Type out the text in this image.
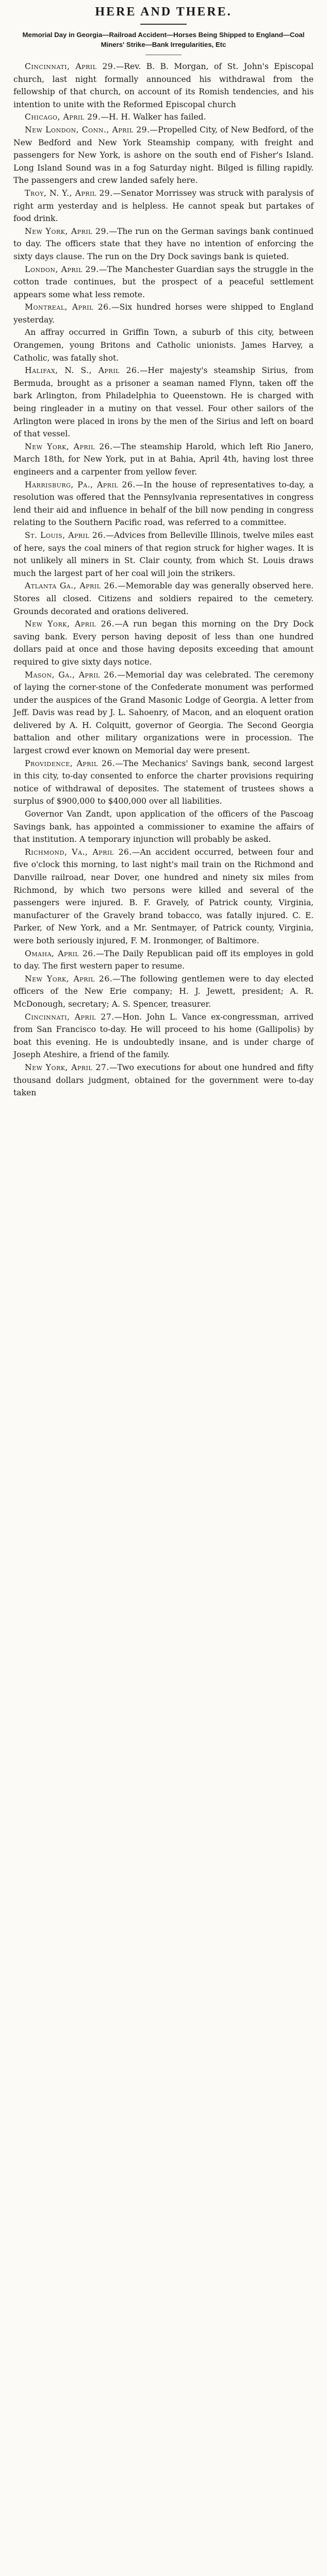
HERE AND THERE.
Memorial Day in Georgia—Railroad Accident—Horses Being Shipped to England—Coal Miners' Strike—Bank Irregularities, Etc

Cincinnati, April 29.—Rev. B. B. Morgan, of St. John's Episcopal church, last night formally announced his withdrawal from the fellowship of that church, on account of its Romish tendencies, and his intention to unite with the Reformed Episcopal church

Chicago, April 29.—H. H. Walker has failed.

New London, Conn., April 29.—Propelled City, of New Bedford, of the New Bedford and New York Steamship company, with freight and passengers for New York, is ashore on the south end of Fisher's Island. Long Island Sound was in a fog Saturday night. Bilged is filling rapidly. The passengers and crew landed safely here.

Troy, N. Y., April 29.—Senator Morrissey was struck with paralysis of right arm yesterday and is helpless. He cannot speak but partakes of food drink.

New York, April 29.—The run on the German savings bank continued to day. The officers state that they have no intention of enforcing the sixty days clause. The run on the Dry Dock savings bank is quieted.

London, April 29.—The Manchester Guardian says the struggle in the cotton trade continues, but the prospect of a peaceful settlement appears some what less remote.

Montreal, April 26.—Six hundred horses were shipped to England yesterday.

An affray occurred in Griffin Town, a suburb of this city, between Orangemen, young Britons and Catholic unionists. James Harvey, a Catholic, was fatally shot.

Halifax, N. S., April 26.—Her majesty's steamship Sirius, from Bermuda, brought as a prisoner a seaman named Flynn, taken off the bark Arlington, from Philadelphia to Queenstown. He is charged with being ringleader in a mutiny on that vessel. Four other sailors of the Arlington were placed in irons by the men of the Sirius and left on board of that vessel.

New York, April 26.—The steamship Harold, which left Rio Janero, March 18th, for New York, put in at Bahia, April 4th, having lost three engineers and a carpenter from yellow fever.

Harrisburg, Pa., April 26.—In the house of representatives to-day, a resolution was offered that the Pennsylvania representatives in congress lend their aid and influence in behalf of the bill now pending in congress relating to the Southern Pacific road, was referred to a committee.

St. Louis, April 26.—Advices from Belleville Illinois, twelve miles east of here, says the coal miners of that region struck for higher wages. It is not unlikely all miners in St. Clair county, from which St. Louis draws much the largest part of her coal will join the strikers.

Atlanta Ga., April 26.—Memorable day was generally observed here. Stores all closed. Citizens and soldiers repaired to the cemetery. Grounds decorated and orations delivered.

New York, April 26.—A run began this morning on the Dry Dock saving bank. Every person having deposit of less than one hundred dollars paid at once and those having deposits exceeding that amount required to give sixty days notice.

Mason, Ga., April 26.—Memorial day was celebrated. The ceremony of laying the corner-stone of the Confederate monument was performed under the auspices of the Grand Masonic Lodge of Georgia. A letter from Jeff. Davis was read by J. L. Sahoenry, of Macon, and an eloquent oration delivered by A. H. Colquitt, governor of Georgia. The Second Georgia battalion and other military organizations were in procession. The largest crowd ever known on Memorial day were present.

Providence, April 26.—The Mechanics' Savings bank, second largest in this city, to-day consented to enforce the charter provisions requiring notice of withdrawal of deposites. The statement of trustees shows a surplus of $900,000 to $400,000 over all liabilities.

Governor Van Zandt, upon application of the officers of the Pascoag Savings bank, has appointed a commissioner to examine the affairs of that institution. A temporary injunction will probably be asked.

Richmond, Va., April 26.—An accident occurred, between four and five o'clock this morning, to last night's mail train on the Richmond and Danville railroad, near Dover, one hundred and ninety six miles from Richmond, by which two persons were killed and several of the passengers were injured. B. F. Gravely, of Patrick county, Virginia, manufacturer of the Gravely brand tobacco, was fatally injured. C. E. Parker, of New York, and a Mr. Sentmayer, of Patrick county, Virginia, were both seriously injured, F. M. Ironmonger, of Baltimore.

Omaha, April 26.—The Daily Republican paid off its employes in gold to day. The first western paper to resume.

New York, April 26.—The following gentlemen were to day elected officers of the New Erie company; H. J. Jewett, president; A. R. McDonough, secretary; A. S. Spencer, treasurer.

Cincinnati, April 27.—Hon. John L. Vance ex-congressman, arrived from San Francisco to-day. He will proceed to his home (Gallipolis) by boat this evening. He is undoubtedly insane, and is under charge of Joseph Ateshire, a friend of the family.

New York, April 27.—Two executions for about one hundred and fifty thousand dollars judgment, obtained for the government were to-day taken
